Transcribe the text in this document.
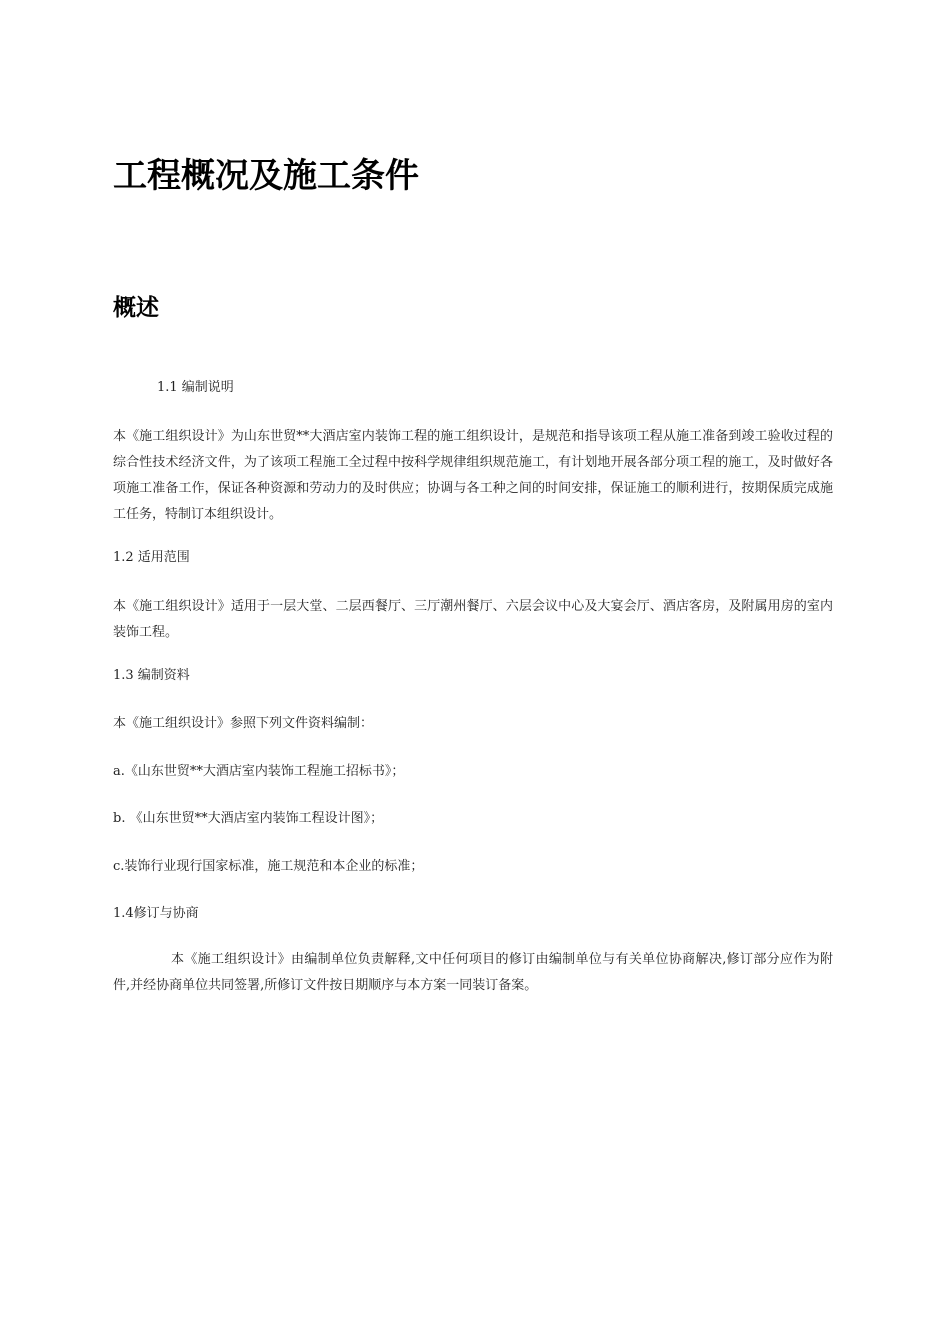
工程概况及施工条件
概述

1.1 编制说明

本《施工组织设计》为山东世贸**大酒店室内装饰工程的施工组织设计，是规范和指导该项工程从施工准备到竣工验收过程的综合性技术经济文件，为了该项工程施工全过程中按科学规律组织规范施工，有计划地开展各部分项工程的施工，及时做好各项施工准备工作，保证各种资源和劳动力的及时供应；协调与各工种之间的时间安排，保证施工的顺利进行，按期保质完成施工任务，特制订本组织设计。

1.2 适用范围

本《施工组织设计》适用于一层大堂、二层西餐厅、三厅潮州餐厅、六层会议中心及大宴会厅、酒店客房，及附属用房的室内装饰工程。

1.3 编制资料

本《施工组织设计》参照下列文件资料编制：

a.《山东世贸**大酒店室内装饰工程施工招标书》；

b. 《山东世贸**大酒店室内装饰工程设计图》；

c.装饰行业现行国家标准，施工规范和本企业的标准；

1.4修订与协商

本《施工组织设计》由编制单位负责解释,文中任何项目的修订由编制单位与有关单位协商解决,修订部分应作为附件,并经协商单位共同签署,所修订文件按日期顺序与本方案一同装订备案。
